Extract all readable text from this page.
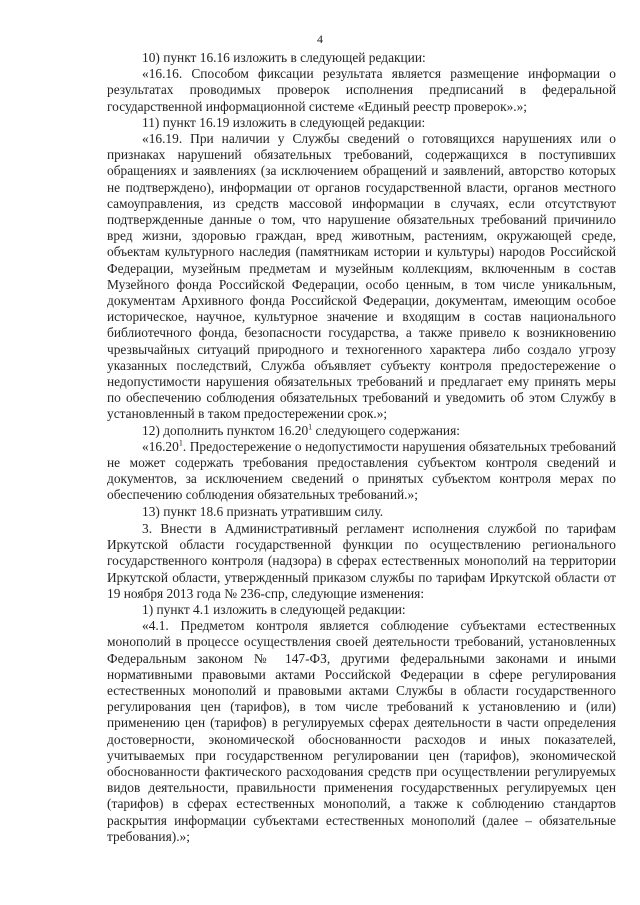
4

10) пункт 16.16 изложить в следующей редакции:

«16.16. Способом фиксации результата является размещение информации о результатах проводимых проверок исполнения предписаний в федеральной государственной информационной системе «Единый реестр проверок».»;

11) пункт 16.19 изложить в следующей редакции:

«16.19. При наличии у Службы сведений о готовящихся нарушениях или о признаках нарушений обязательных требований, содержащихся в поступивших обращениях и заявлениях (за исключением обращений и заявлений, авторство которых не подтверждено), информации от органов государственной власти, органов местного самоуправления, из средств массовой информации в случаях, если отсутствуют подтвержденные данные о том, что нарушение обязательных требований причинило вред жизни, здоровью граждан, вред животным, растениям, окружающей среде, объектам культурного наследия (памятникам истории и культуры) народов Российской Федерации, музейным предметам и музейным коллекциям, включенным в состав Музейного фонда Российской Федерации, особо ценным, в том числе уникальным, документам Архивного фонда Российской Федерации, документам, имеющим особое историческое, научное, культурное значение и входящим в состав национального библиотечного фонда, безопасности государства, а также привело к возникновению чрезвычайных ситуаций природного и техногенного характера либо создало угрозу указанных последствий, Служба объявляет субъекту контроля предостережение о недопустимости нарушения обязательных требований и предлагает ему принять меры по обеспечению соблюдения обязательных требований и уведомить об этом Службу в установленный в таком предостережении срок.»;

12) дополнить пунктом 16.20$^1$ следующего содержания:

«16.20$^1$. Предостережение о недопустимости нарушения обязательных требований не может содержать требования предоставления субъектом контроля сведений и документов, за исключением сведений о принятых субъектом контроля мерах по обеспечению соблюдения обязательных требований.»;

13) пункт 18.6 признать утратившим силу.

3. Внести в Административный регламент исполнения службой по тарифам Иркутской области государственной функции по осуществлению регионального государственного контроля (надзора) в сферах естественных монополий на территории Иркутской области, утвержденный приказом службы по тарифам Иркутской области от 19 ноября 2013 года № 236-спр, следующие изменения:

1) пункт 4.1 изложить в следующей редакции:

«4.1. Предметом контроля является соблюдение субъектами естественных монополий в процессе осуществления своей деятельности требований, установленных Федеральным законом № 147-ФЗ, другими федеральными законами и иными нормативными правовыми актами Российской Федерации в сфере регулирования естественных монополий и правовыми актами Службы в области государственного регулирования цен (тарифов), в том числе требований к установлению и (или) применению цен (тарифов) в регулируемых сферах деятельности в части определения достоверности, экономической обоснованности расходов и иных показателей, учитываемых при государственном регулировании цен (тарифов), экономической обоснованности фактического расходования средств при осуществлении регулируемых видов деятельности, правильности применения государственных регулируемых цен (тарифов) в сферах естественных монополий, а также к соблюдению стандартов раскрытия информации субъектами естественных монополий (далее – обязательные требования).»;
